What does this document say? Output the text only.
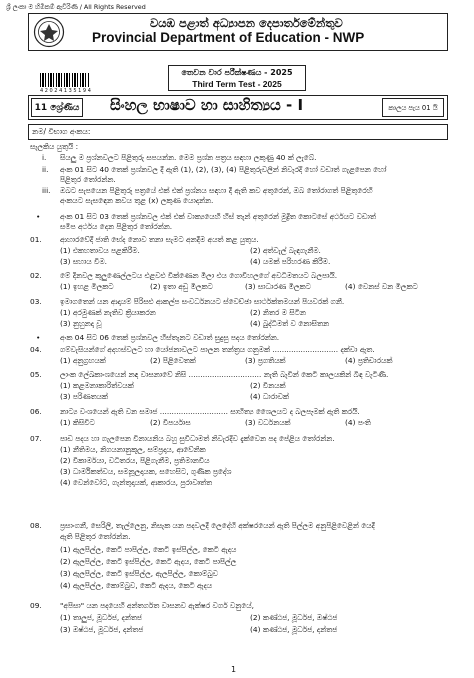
ශ්‍රී ලංකා ම හිමිකම් ඇවිරිණි / All Rights Reserved
වයඹ පළාත් අධ්‍යාපන දෙපාර්තමේන්තුව
Provincial Department of Education - NWP
4 2 0 2 4 1 3 5 1 9 4
තෙවන වාර පරීක්ෂණය - 2025
Third Term Test - 2025
11 ශ්‍රේණිය සිංහල භාෂාව හා සාහිත්‍යය - I	කාලය පැය 01 යි
නම/ විභාග අංකය:
සැලකිය යුතුයි :
i. සියලු ම ප්‍රශ්නවලට පිළිතුරු සපයන්න. මෙම ප්‍රශ්න පත්‍රය සඳහා ලකුණු 40 ක් ලැබේ.
ii. අංක 01 සිට 40 තෙක් ප්‍රශ්නවල දී ඇති (1), (2), (3), (4) පිළිතුරුවලින් නිවැරදි හෝ වඩාත් ගැළපෙන හෝ
පිළිතුර තෝරන්න.
iii. ඔබට සැපයෙන පිළිතුරු පත්‍රයේ එක් එක් ප්‍රශ්නය සඳහා දී ඇති කව අතුරෙන්, ඔබ තෝරාගත් පිළිතුරෙහි
අංකයට සැසඳෙන කවය තුළ (x) ලකුණ යොදන්න.
•	අංක 01 සිට 03 තෙක් ප්‍රශ්නවල එක් එක් වාක්‍යයෙහි හිස් තැන් අතුරෙන් මුද්‍රිත කොටසේ අර්ථයට වඩාත්
සමීප අර්ථය දෙන පිළිතුර තෝරන්න.
01. ආහාරවේදී ජාති භේද නොව තනා සැමට අනදීම අයත් කළ යුතුය.
(1) එකහතාවය පළකිරීම.	(2) අත්වැල් බැඳගැනීම.
(3) සහාය වීම.	(4) යමක් පරිහරණ කිරීම.
02. මේ දිනවල කුලුණෙල්ලටය එළවළු වික්ණෙන මිලා එය ගොවීහලගේ අවධිමතයට බලපායි.
(1) ඉහළ මිලකට	(2) ඉතා අඩු මිලකට	(3) සාධාරණ මිලකට	(4) වෙනස් වන මිලකට
03. ඉමාගතෙන් යන ආදායම් පිරිසළු ආකල්ප සංවර්ධනයට ස්වෙච්ඡා සාර්ථක්තමයන් පියවරක් ගනී.
(1) අරමුණක් නැතිව ක්‍රියාකරන	(2) නිතර ම සිටින
(3) නුහුනදා වූ	(4) බුද්ධිමත් ව නොසිතන
•	අංක 04 සිට 06 තෙක් ප්‍රශ්නවල හිස්තැනට වඩාත් සුදුසු පදය තෝරන්න.
04. ගම්වැසියන්ගේ අදහස්වලට හා යෝජනාවලට පාලන තන්ත්‍රය ගනුමක් ............................ දක්වා ඇත.
(1) අනුග්‍රහයක්	(2) පිළිවෙතක්	(3) ප්‍රගතියක්	(4) ප්‍රතිචාරයක්
05. ලාංක ලේඛකාංශයෙන් නඳ වාසනාවේ නිසි ............................... නැති බැවින් කෙටි කාලයකින් බිඳ වැටිණි.
(1) කළමනාකාරිත්වයක්	(2) විනයක්
(3) පරිණතයක්	(4) ධාරාවක්
06. නාට්‍ය වංශයෙන් ඇති වන සමාජ ............................. සාහිත්‍ය ශෛලයට ද බලපෑමක් ඇති කරයි.
(1) කිසිවිට	(2) විපර්යාස	(3) වර්ධනයක්	(4) පංති
07. පාඩ පදය හා ගැලපෙන විනායනිය බහු සුවිධාමත් නිවැරදිව දැක්වෙන පද පේළිය තෝරන්න.
(1) නීතිමය, නිගයනානුකූල, සම්ප්‍රදාය, ආවේනික
(2) විකාර්මයා, වධිතරය, පිළිගැනීම, ප්‍රතිමානවිය
(3) ධාර්මිකත්වය, සමනූලදායක, සහෙසිට, ගුණික ප්‍රදේශ
(4) වෙන්වෝට, ගැන්තුදායක්, ආකාරය, පුරාවෘත්ත
08. ප්‍රසාංගනී, සෙරිලි, තැල්ලෙනු, නිසැක යන පදවලදී ලෙදේහි අක්ෂරයෙන් ඇති පිල්ලම අනුපිළිවෙළින් යෙදී
ඇති පිළිතුර තෝරන්න.
(1) ඇලපිල්ල, කෙටි පාපිල්ල, කෙටි ඉස්පිල්ල, කෙටි ඇදය
(2) ඇලපිල්ල, කෙටි ඉස්පිල්ල, කෙටි ඇදය, කෙටි පාපිල්ල
(3) ඇලපිල්ල, කෙටි ඉස්පිල්ල, ඇලපිල්ල, කොම්බුව
(4) ඇලපිල්ල, කොම්බුව, කෙටි ඇදය, කෙටි ඇදය
09. "අපිසා" යන පදයෙහි අන්තර්ගත වාසනව ඇක්ෂර වර්ග වනුයේ,
(1) තාලුජ, මූර්ධජ, දන්තජ	(2) කණ්ඨජ, මූර්ධජ, ඔෂ්ඨජ
(3) ඔෂ්ඨජ, මූර්ධජ, දන්තජ	(4) කණ්ඨජ, මූර්ධජ, දන්තජ
1
